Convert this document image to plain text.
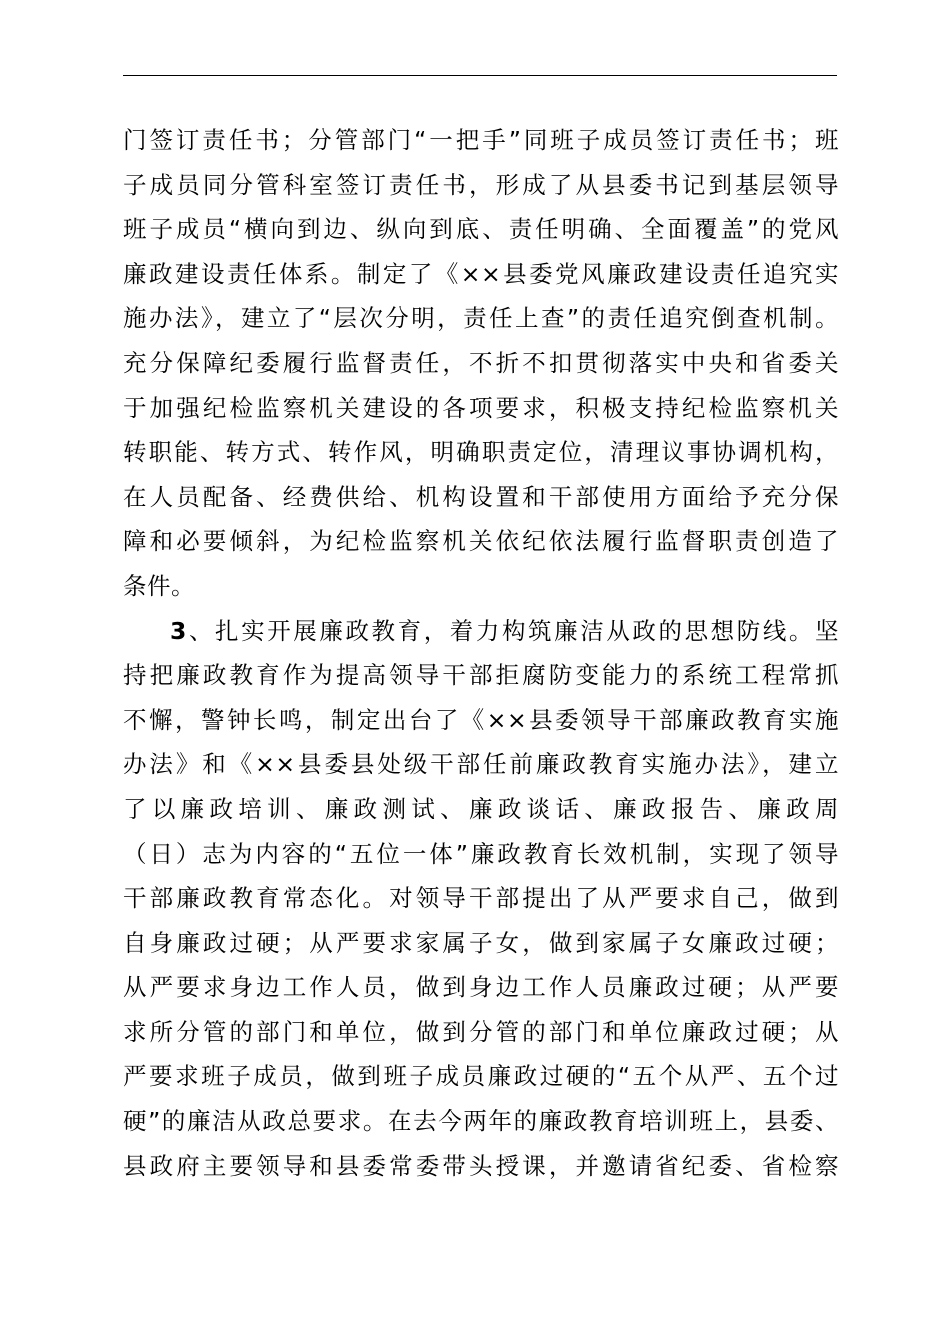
门签订责任书；分管部门“一把手”同班子成员签订责任书；班
子成员同分管科室签订责任书，形成了从县委书记到基层领导
班子成员“横向到边、纵向到底、责任明确、全面覆盖”的党风
廉政建设责任体系。制定了《××县委党风廉政建设责任追究实
施办法》，建立了“层次分明，责任上查”的责任追究倒查机制。
充分保障纪委履行监督责任，不折不扣贯彻落实中央和省委关
于加强纪检监察机关建设的各项要求，积极支持纪检监察机关
转职能、转方式、转作风，明确职责定位，清理议事协调机构，
在人员配备、经费供给、机构设置和干部使用方面给予充分保
障和必要倾斜，为纪检监察机关依纪依法履行监督职责创造了
条件。
3、扎实开展廉政教育，着力构筑廉洁从政的思想防线。坚
持把廉政教育作为提高领导干部拒腐防变能力的系统工程常抓
不懈，警钟长鸣，制定出台了《××县委领导干部廉政教育实施
办法》和《××县委县处级干部任前廉政教育实施办法》，建立
了以廉政培训、廉政测试、廉政谈话、廉政报告、廉政周
（日）志为内容的“五位一体”廉政教育长效机制，实现了领导
干部廉政教育常态化。对领导干部提出了从严要求自己，做到
自身廉政过硬；从严要求家属子女，做到家属子女廉政过硬；
从严要求身边工作人员，做到身边工作人员廉政过硬；从严要
求所分管的部门和单位，做到分管的部门和单位廉政过硬；从
严要求班子成员，做到班子成员廉政过硬的“五个从严、五个过
硬”的廉洁从政总要求。在去今两年的廉政教育培训班上，县委、
县政府主要领导和县委常委带头授课，并邀请省纪委、省检察
